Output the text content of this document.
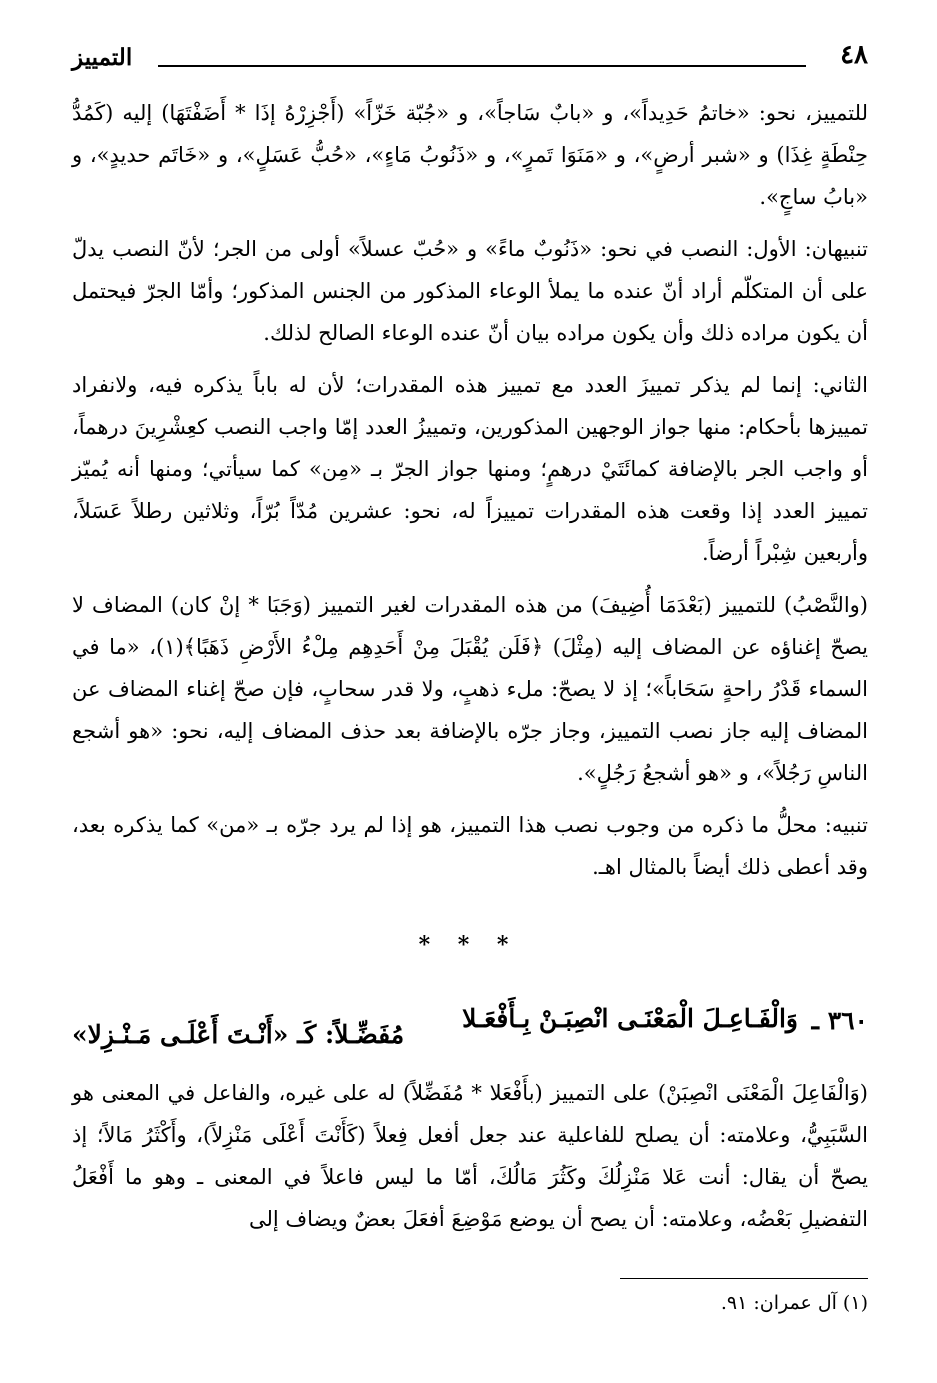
٤٨
التمييز

للتمييز، نحو: «خاتمُ حَدِيداً»، و «بابٌ سَاجاً»، و «جُبّة خَزّاً» (أَجْزِرْهُ إذَا * أَضَفْتَهَا) إليه (كَمُدُّ حِنْطَةٍ غِذَا) و «شبر أرضٍ»، و «مَنَوَا تَمرٍ»، و «ذَنُوبُ مَاءٍ»، «حُبُّ عَسَلٍ»، و «خَاتَم حديدٍ»، و «بابُ ساجٍ».

تنبيهان: الأول: النصب في نحو: «ذَنُوبٌ ماءً» و «حُبّ عسلاً» أولى من الجر؛ لأنّ النصب يدلّ على أن المتكلّم أراد أنّ عنده ما يملأ الوعاء المذكور من الجنس المذكور؛ وأمّا الجرّ فيحتمل أن يكون مراده ذلك وأن يكون مراده بيان أنّ عنده الوعاء الصالح لذلك.

الثاني: إنما لم يذكر تمييزَ العدد مع تمييز هذه المقدرات؛ لأن له باباً يذكره فيه، ولانفراد تمييزها بأحكام: منها جواز الوجهين المذكورين، وتمييزُ العدد إمّا واجب النصب كعِشْرِينَ درهماً، أو واجب الجر بالإضافة كمائَتَيْ درهمٍ؛ ومنها جواز الجرّ بـ «مِن» كما سيأتي؛ ومنها أنه يُميّز تمييز العدد إذا وقعت هذه المقدرات تمييزاً له، نحو: عشرين مُدّاً بُرّاً، وثلاثين رطلاً عَسَلاً، وأربعين شِبْراً أرضاً.

(والنَّصْبُ) للتمييز (بَعْدَمَا أُضِيفَ) من هذه المقدرات لغير التمييز (وَجَبَا * إنْ كان) المضاف لا يصحّ إغناؤه عن المضاف إليه (مِثْلَ) ﴿فَلَن يُقْبَلَ مِنْ أَحَدِهِم مِلْءُ الأَرْضِ ذَهَبًا﴾(١)، «ما في السماء قَدْرُ راحةٍ سَحَاباً»؛ إذ لا يصحّ: ملء ذهبٍ، ولا قدر سحابٍ، فإن صحّ إغناء المضاف عن المضاف إليه جاز نصب التمييز، وجاز جرّه بالإضافة بعد حذف المضاف إليه، نحو: «هو أشجع الناسِ رَجُلاً»، و «هو أشجعُ رَجُلٍ».

تنبيه: محلُّ ما ذكره من وجوب نصب هذا التمييز، هو إذا لم يرد جرّه بـ «من» كما يذكره بعد، وقد أعطى ذلك أيضاً بالمثال اهـ.

* * *
٣٦٠ ـ
وَالْفَـاعِـلَ الْمَعْنَـى انْصِبَـنْ بِـأَفْعَـلا
مُفَضِّـلاً: كَـ «أَنْـتَ أَعْلَـى مَـنْـزِلا»

(وَالْفَاعِلَ الْمَعْنَى انْصِبَنْ) على التمييز (بأَفْعَلا * مُفَضِّلاً) له على غيره، والفاعل في المعنى هو السَّبَبِيُّ، وعلامته: أن يصلح للفاعلية عند جعل أفعل فِعلاً (كَأَنْتَ أَعْلَى مَنْزِلاً)، وأَكْثَرُ مَالاً؛ إذ يصحّ أن يقال: أنت عَلا مَنْزِلُكَ وكَثُرَ مَالُكَ، أمّا ما ليس فاعلاً في المعنى ـ وهو ما أَفْعَلُ التفضيلِ بَعْضُه، وعلامته: أن يصح أن يوضع مَوْضِعَ أفعَلَ بعضٌ ويضاف إلى

(١) آل عمران: ٩١.
